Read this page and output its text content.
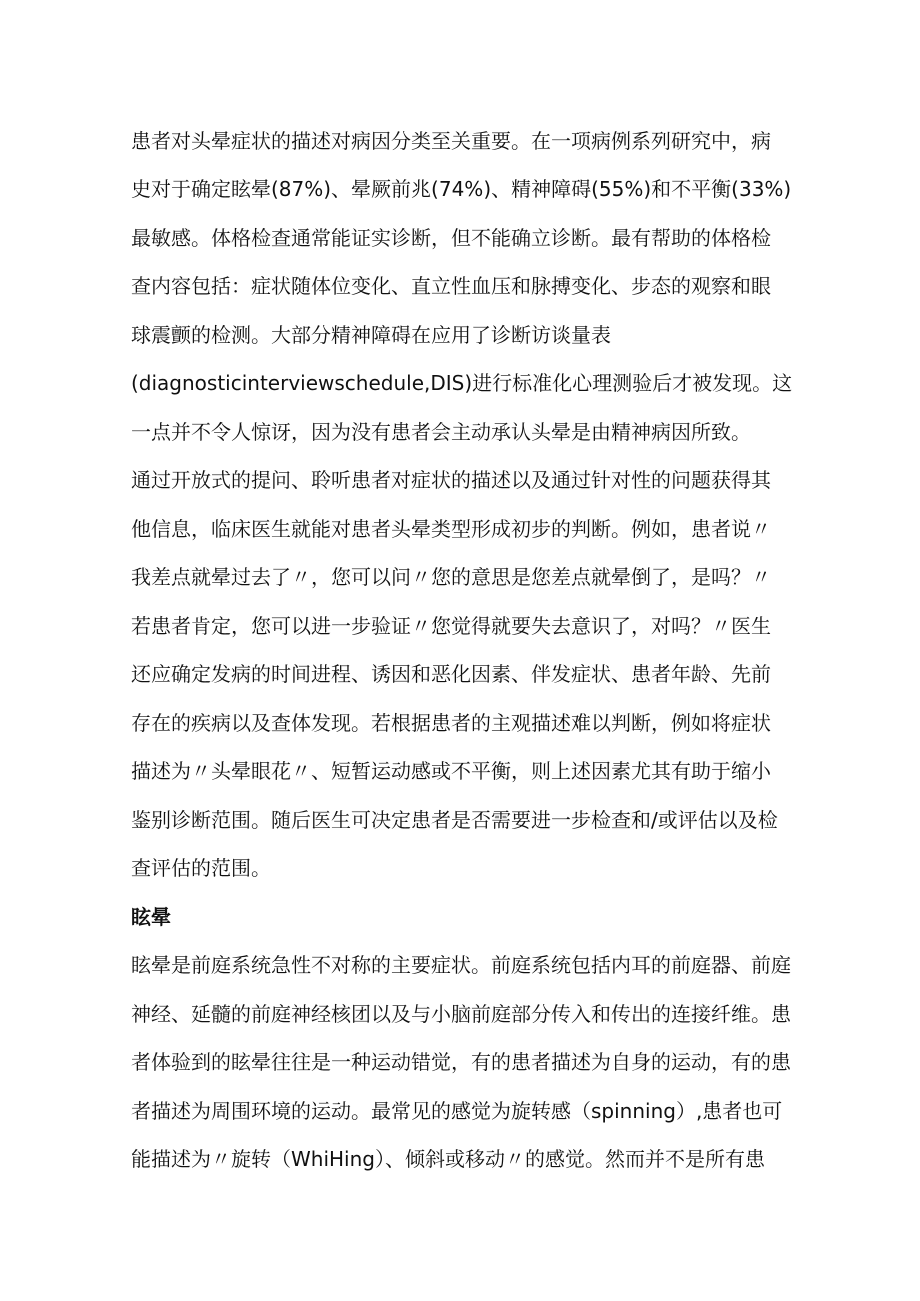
患者对头晕症状的描述对病因分类至关重要。在一项病例系列研究中，病
史对于确定眩晕(87%)、晕厥前兆(74%)、精神障碍(55%)和不平衡(33%)
最敏感。体格检查通常能证实诊断，但不能确立诊断。最有帮助的体格检
查内容包括：症状随体位变化、直立性血压和脉搏变化、步态的观察和眼
球震颤的检测。大部分精神障碍在应用了诊断访谈量表
(diagnosticinterviewschedule,DIS)进行标准化心理测验后才被发现。这
一点并不令人惊讶，因为没有患者会主动承认头晕是由精神病因所致。
通过开放式的提问、聆听患者对症状的描述以及通过针对性的问题获得其
他信息，临床医生就能对患者头晕类型形成初步的判断。例如，患者说〃
我差点就晕过去了〃，您可以问〃您的意思是您差点就晕倒了，是吗？〃
若患者肯定，您可以进一步验证〃您觉得就要失去意识了，对吗？〃医生
还应确定发病的时间进程、诱因和恶化因素、伴发症状、患者年龄、先前
存在的疾病以及查体发现。若根据患者的主观描述难以判断，例如将症状
描述为〃头晕眼花〃、短暂运动感或不平衡，则上述因素尤其有助于缩小
鉴别诊断范围。随后医生可决定患者是否需要进一步检查和/或评估以及检
查评估的范围。
眩晕
眩晕是前庭系统急性不对称的主要症状。前庭系统包括内耳的前庭器、前庭
神经、延髓的前庭神经核团以及与小脑前庭部分传入和传出的连接纤维。患
者体验到的眩晕往往是一种运动错觉，有的患者描述为自身的运动，有的患
者描述为周围环境的运动。最常见的感觉为旋转感（spinning）,患者也可
能描述为〃旋转（WhiHing）、倾斜或移动〃的感觉。然而并不是所有患
